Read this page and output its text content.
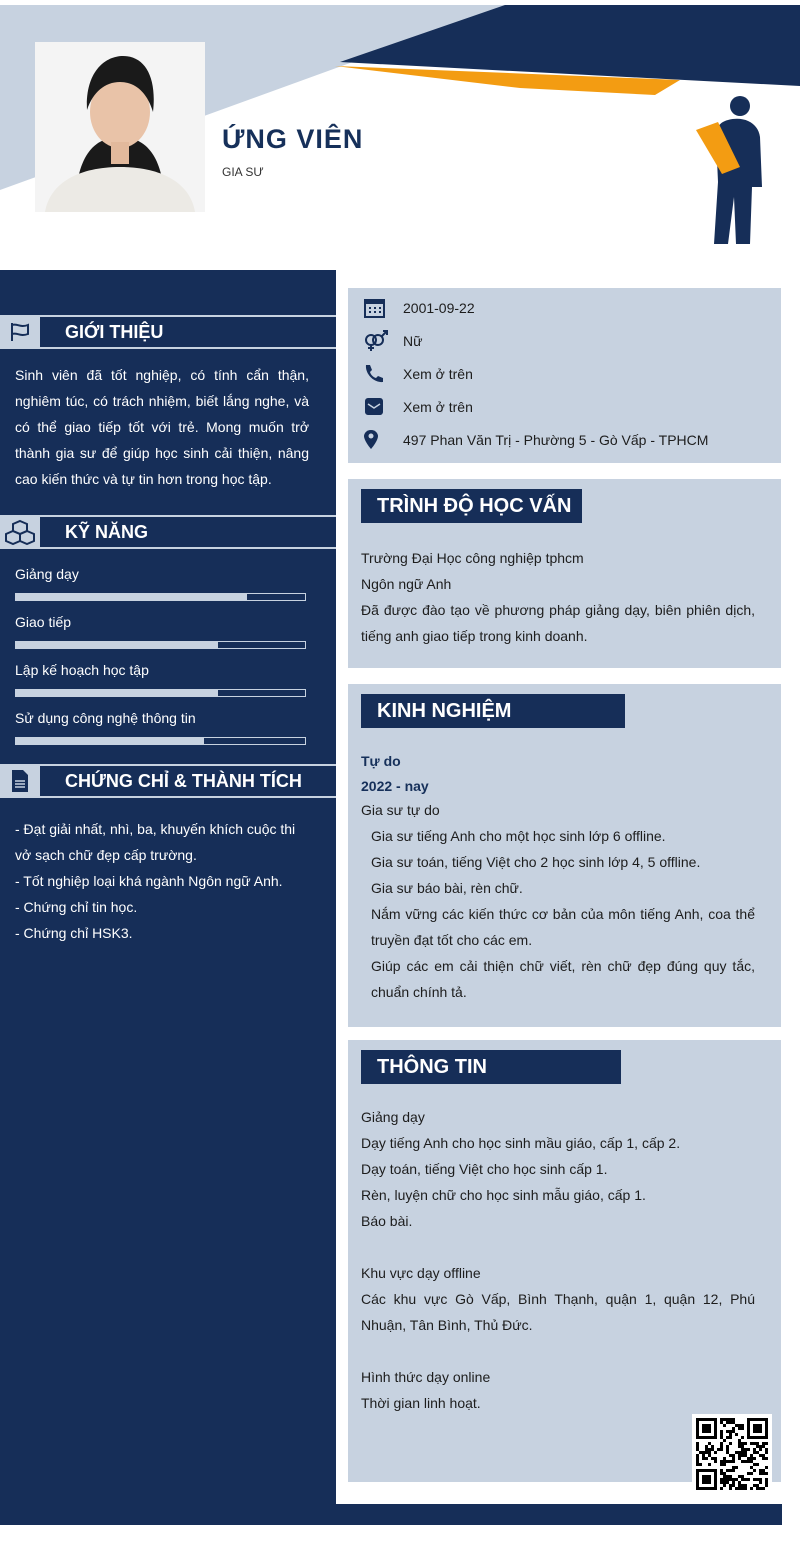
ỨNG VIÊN
GIA SƯ
GIỚI THIỆU
Sinh viên đã tốt nghiệp, có tính cẩn thận, nghiêm túc, có trách nhiệm, biết lắng nghe, và có thể giao tiếp tốt với trẻ. Mong muốn trở thành gia sư để giúp học sinh cải thiện, nâng cao kiến thức và tự tin hơn trong học tập.
KỸ NĂNG
CHỨNG CHỈ & THÀNH TÍCH
- Đạt giải nhất, nhì, ba, khuyến khích cuộc thi vở sạch chữ đẹp cấp trường.
- Tốt nghiệp loại khá ngành Ngôn ngữ Anh.
- Chứng chỉ tin học.
- Chứng chỉ HSK3.
Giảng dạy
Giao tiếp
Lập kế hoạch học tập
Sử dụng công nghệ thông tin
2001-09-22
Nữ
Xem ở trên
Xem ở trên
497 Phan Văn Trị - Phường 5 - Gò Vấp - TPHCM
TRÌNH ĐỘ HỌC VẤN
Trường Đại Học công nghiệp tphcm
Ngôn ngữ Anh
Đã được đào tạo về phương pháp giảng dạy, biên phiên dịch, tiếng anh giao tiếp trong kinh doanh.
KINH NGHIỆM
Tự do
2022 - nay
Gia sư tự do
Gia sư tiếng Anh cho một học sinh lớp 6 offline.
Gia sư toán, tiếng Việt cho 2 học sinh lớp 4, 5 offline.
Gia sư báo bài, rèn chữ.
Nắm vững các kiến thức cơ bản của môn tiếng Anh, coa thể truyền đạt tốt cho các em.
Giúp các em cải thiện chữ viết, rèn chữ đẹp đúng quy tắc, chuẩn chính tả.
THÔNG TIN
Giảng dạy
Dạy tiếng Anh cho học sinh mầu giáo, cấp 1, cấp 2.
Dạy toán, tiếng Việt cho học sinh cấp 1.
Rèn, luyện chữ cho học sinh mẫu giáo, cấp 1.
Báo bài.
Khu vực dạy offline
Các khu vực Gò Vấp, Bình Thạnh, quận 1, quận 12, Phú Nhuận, Tân Bình, Thủ Đức.
Hình thức dạy online
Thời gian linh hoạt.
